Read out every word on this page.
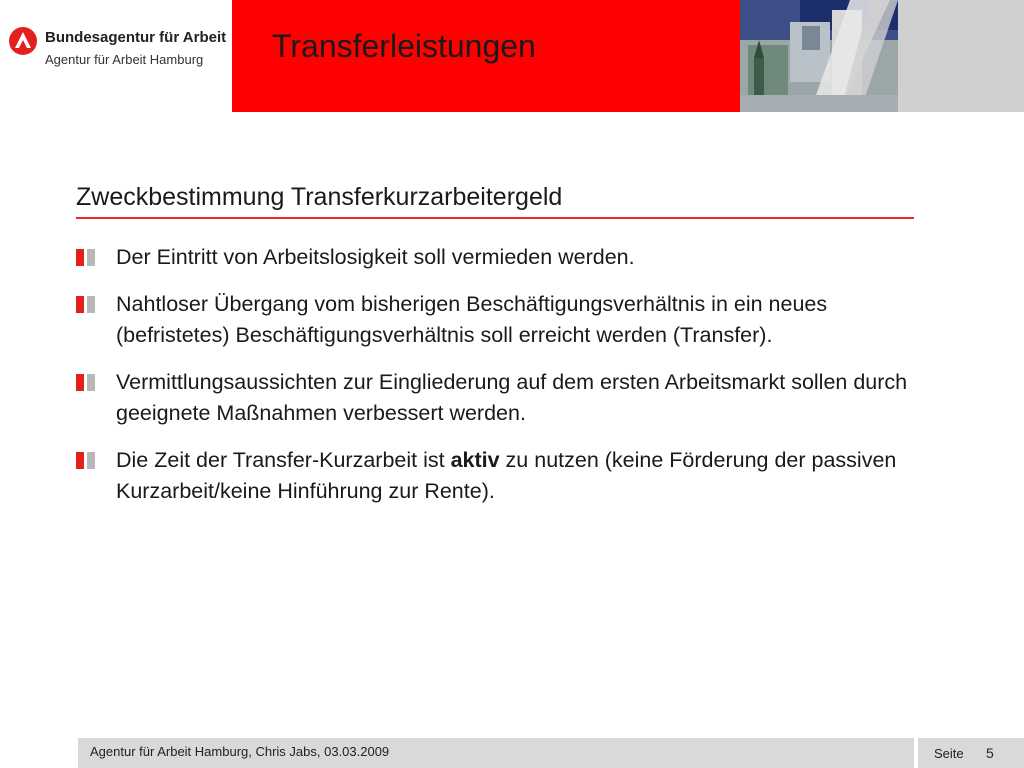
Bundesagentur für Arbeit
Agentur für Arbeit Hamburg Transferleistungen
Zweckbestimmung Transferkurzarbeitergeld
Der Eintritt von Arbeitslosigkeit soll vermieden werden.
Nahtloser Übergang vom bisherigen Beschäftigungsverhältnis in ein neues (befristetes) Beschäftigungsverhältnis soll erreicht werden (Transfer).
Vermittlungsaussichten zur Eingliederung auf dem ersten Arbeitsmarkt sollen durch geeignete Maßnahmen verbessert werden.
Die Zeit der Transfer-Kurzarbeit ist aktiv zu nutzen (keine Förderung der passiven Kurzarbeit/keine Hinführung zur Rente).
Agentur für Arbeit Hamburg, Chris Jabs, 03.03.2009	Seite 5
